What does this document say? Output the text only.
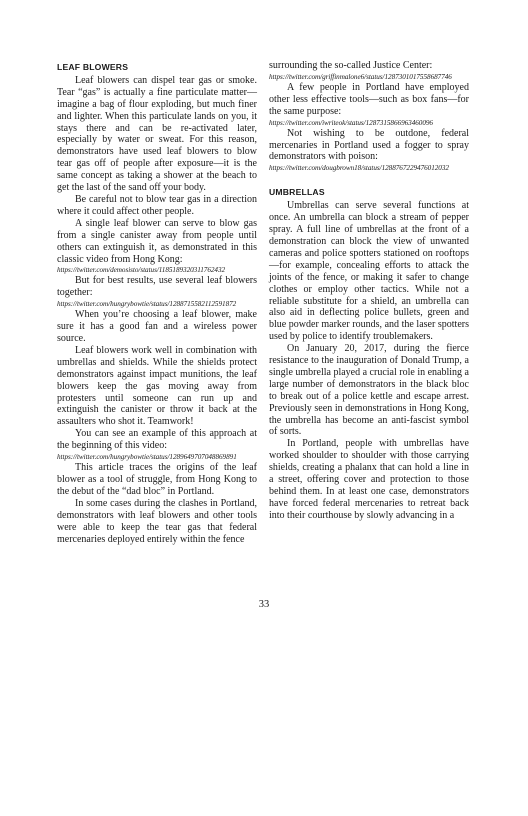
LEAF BLOWERS

Leaf blowers can dispel tear gas or smoke. Tear “gas” is actually a fine particulate matter—imagine a bag of flour exploding, but much finer and lighter. When this particulate lands on you, it stays there and can be re-activated later, especially by water or sweat. For this reason, demonstrators have used leaf blowers to blow tear gas off of people after exposure—it is the same concept as taking a shower at the beach to get the last of the sand off your body.

Be careful not to blow tear gas in a direction where it could affect other people.

A single leaf blower can serve to blow gas from a single canister away from people until others can extinguish it, as demonstrated in this classic video from Hong Kong:

https://twitter.com/demosisto/status/1185189320311762432

But for best results, use several leaf blowers together:

https://twitter.com/hungrybowtie/status/1288715582112591872

When you’re choosing a leaf blower, make sure it has a good fan and a wireless power source.

Leaf blowers work well in combination with umbrellas and shields. While the shields protect demonstrators against impact munitions, the leaf blowers keep the gas moving away from protesters until someone can run up and extinguish the canister or throw it back at the assaulters who shot it. Teamwork!

You can see an example of this approach at the beginning of this video:

https://twitter.com/hungrybowtie/status/1289649707048869891

This article traces the origins of the leaf blower as a tool of struggle, from Hong Kong to the debut of the “dad bloc” in Portland.

In some cases during the clashes in Portland, demonstrators with leaf blowers and other tools were able to keep the tear gas that federal mercenaries deployed entirely within the fence

surrounding the so-called Justice Center:

https://twitter.com/griffinmalone6/status/1287301017558687746

A few people in Portland have employed other less effective tools—such as box fans—for the same purpose:

https://twitter.com/iwriteok/status/1287315866963460096

Not wishing to be outdone, federal mercenaries in Portland used a fogger to spray demonstrators with poison:

https://twitter.com/dougbrown18/status/1288767229476012032
UMBRELLAS

Umbrellas can serve several functions at once. An umbrella can block a stream of pepper spray. A full line of umbrellas at the front of a demonstration can block the view of unwanted cameras and police spotters stationed on rooftops—for example, concealing efforts to attack the joints of the fence, or making it safer to change clothes or employ other tactics. While not a reliable substitute for a shield, an umbrella can also aid in deflecting police bullets, green and blue powder marker rounds, and the laser spotters used by police to identify troublemakers.

On January 20, 2017, during the fierce resistance to the inauguration of Donald Trump, a single umbrella played a crucial role in enabling a large number of demonstrators in the black bloc to break out of a police kettle and escape arrest. Previously seen in demonstrations in Hong Kong, the umbrella has become an anti-fascist symbol of sorts.

In Portland, people with umbrellas have worked shoulder to shoulder with those carrying shields, creating a phalanx that can hold a line in a street, offering cover and protection to those behind them. In at least one case, demonstrators have forced federal mercenaries to retreat back into their courthouse by slowly advancing in a

33
